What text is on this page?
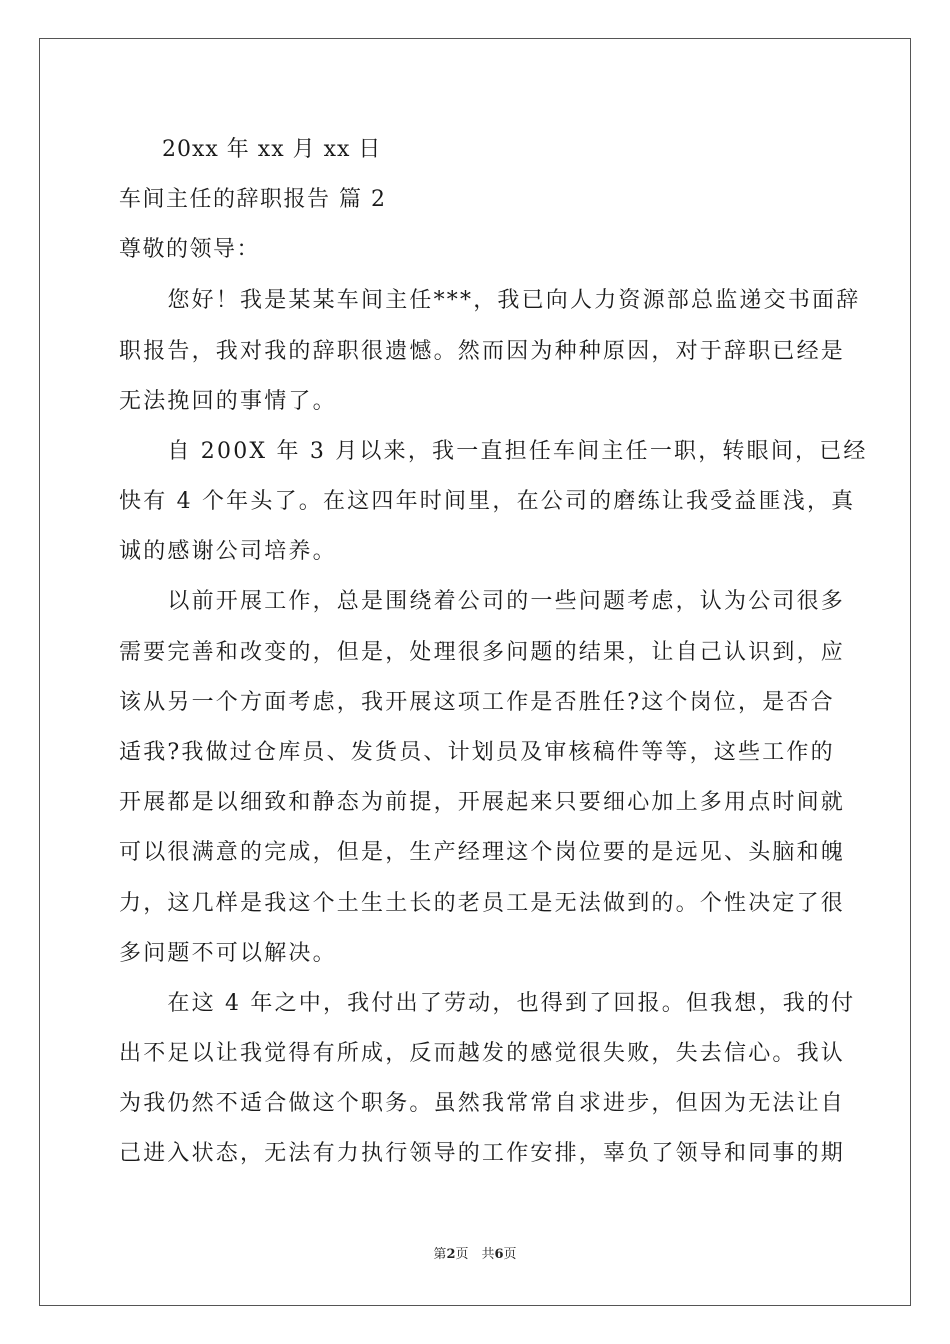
20xx 年 xx 月 xx 日
车间主任的辞职报告 篇 2
尊敬的领导：
　　您好！我是某某车间主任***，我已向人力资源部总监递交书面辞
职报告，我对我的辞职很遗憾。然而因为种种原因，对于辞职已经是
无法挽回的事情了。
　　自 200X 年 3 月以来，我一直担任车间主任一职，转眼间，已经
快有 4 个年头了。在这四年时间里，在公司的磨练让我受益匪浅，真
诚的感谢公司培养。
　　以前开展工作，总是围绕着公司的一些问题考虑，认为公司很多
需要完善和改变的，但是，处理很多问题的结果，让自己认识到，应
该从另一个方面考虑，我开展这项工作是否胜任?这个岗位，是否合
适我?我做过仓库员、发货员、计划员及审核稿件等等，这些工作的
开展都是以细致和静态为前提，开展起来只要细心加上多用点时间就
可以很满意的完成，但是，生产经理这个岗位要的是远见、头脑和魄
力，这几样是我这个土生土长的老员工是无法做到的。个性决定了很
多问题不可以解决。
　　在这 4 年之中，我付出了劳动，也得到了回报。但我想，我的付
出不足以让我觉得有所成，反而越发的感觉很失败，失去信心。我认
为我仍然不适合做这个职务。虽然我常常自求进步，但因为无法让自
己进入状态，无法有力执行领导的工作安排，辜负了领导和同事的期
第2页　共6页
